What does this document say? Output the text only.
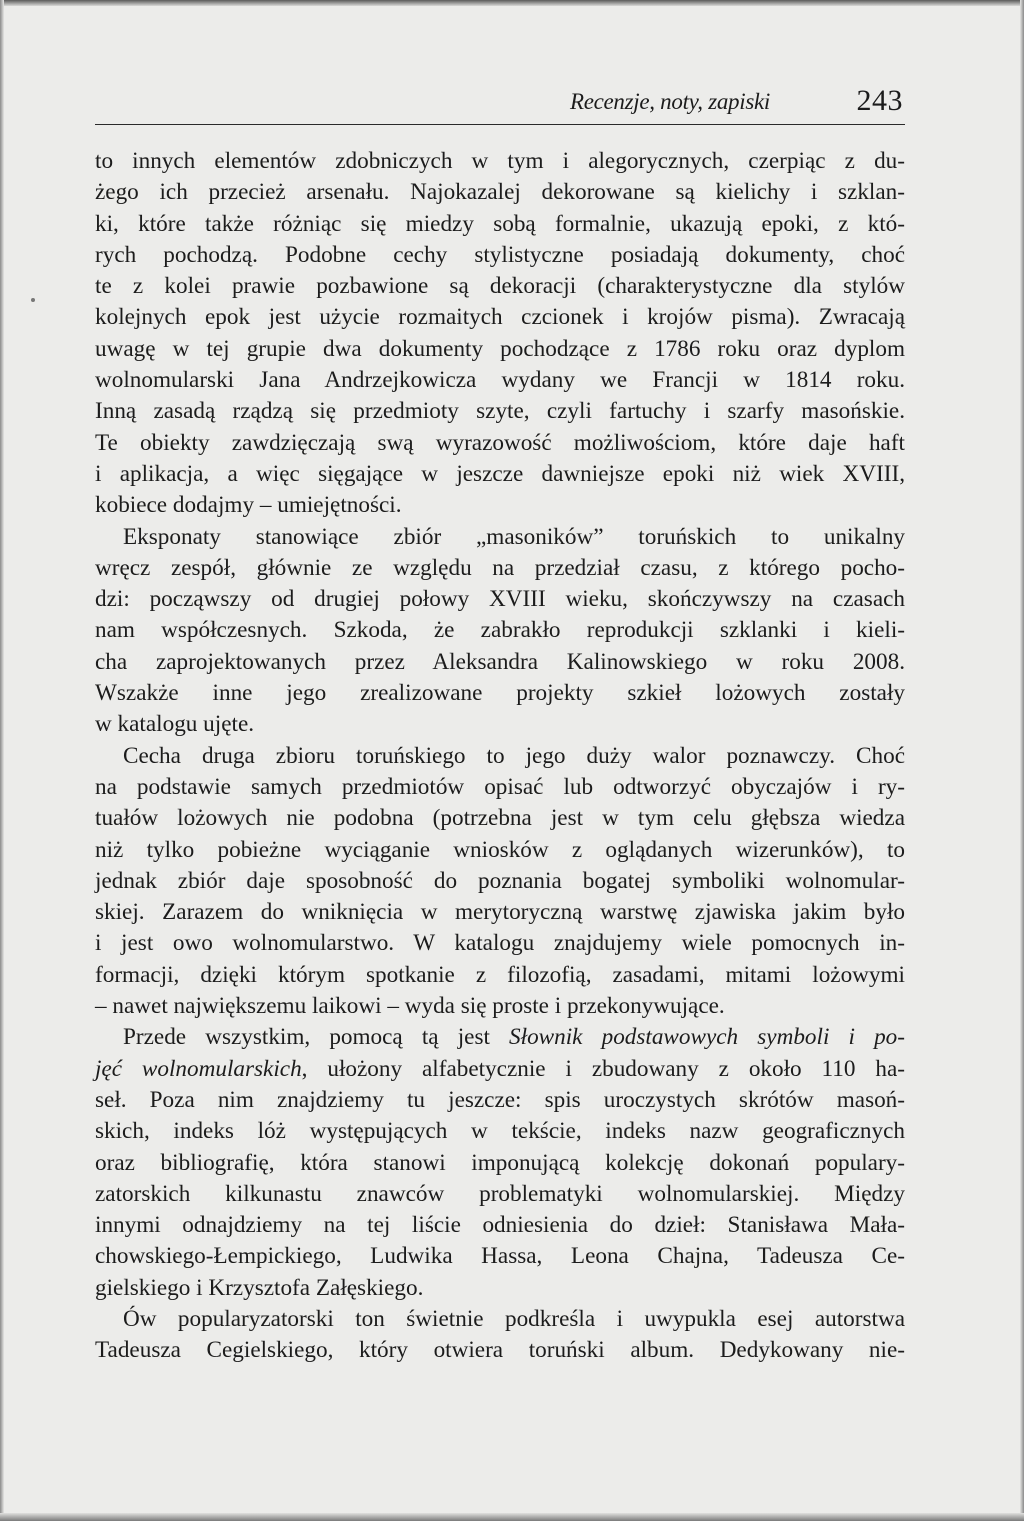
Recenzje, noty, zapiski	243
to innych elementów zdobniczych w tym i alegorycznych, czerpiąc z du-
żego ich przecież arsenału. Najokazalej dekorowane są kielichy i szklan-
ki, które także różniąc się miedzy sobą formalnie, ukazują epoki, z któ-
rych pochodzą. Podobne cechy stylistyczne posiadają dokumenty, choć
te z kolei prawie pozbawione są dekoracji (charakterystyczne dla stylów
kolejnych epok jest użycie rozmaitych czcionek i krojów pisma). Zwracają
uwagę w tej grupie dwa dokumenty pochodzące z 1786 roku oraz dyplom
wolnomularski Jana Andrzejkowicza wydany we Francji w 1814 roku.
Inną zasadą rządzą się przedmioty szyte, czyli fartuchy i szarfy masońskie.
Te obiekty zawdzięczają swą wyrazowość możliwościom, które daje haft
i aplikacja, a więc sięgające w jeszcze dawniejsze epoki niż wiek XVIII,
kobiece dodajmy – umiejętności.
Eksponaty stanowiące zbiór „masoników” toruńskich to unikalny
wręcz zespół, głównie ze względu na przedział czasu, z którego pocho-
dzi: począwszy od drugiej połowy XVIII wieku, skończywszy na czasach
nam współczesnych. Szkoda, że zabrakło reprodukcji szklanki i kieli-
cha zaprojektowanych przez Aleksandra Kalinowskiego w roku 2008.
Wszakże inne jego zrealizowane projekty szkieł lożowych zostały
w katalogu ujęte.
Cecha druga zbioru toruńskiego to jego duży walor poznawczy. Choć
na podstawie samych przedmiotów opisać lub odtworzyć obyczajów i ry-
tuałów lożowych nie podobna (potrzebna jest w tym celu głębsza wiedza
niż tylko pobieżne wyciąganie wniosków z oglądanych wizerunków), to
jednak zbiór daje sposobność do poznania bogatej symboliki wolnomular-
skiej. Zarazem do wniknięcia w merytoryczną warstwę zjawiska jakim było
i jest owo wolnomularstwo. W katalogu znajdujemy wiele pomocnych in-
formacji, dzięki którym spotkanie z filozofią, zasadami, mitami lożowymi
– nawet największemu laikowi – wyda się proste i przekonywujące.
Przede wszystkim, pomocą tą jest Słownik podstawowych symboli i po-
jęć wolnomularskich, ułożony alfabetycznie i zbudowany z około 110 ha-
seł. Poza nim znajdziemy tu jeszcze: spis uroczystych skrótów masoń-
skich, indeks lóż występujących w tekście, indeks nazw geograficznych
oraz bibliografię, która stanowi imponującą kolekcję dokonań populary-
zatorskich kilkunastu znawców problematyki wolnomularskiej. Między
innymi odnajdziemy na tej liście odniesienia do dzieł: Stanisława Mała-
chowskiego-Łempickiego, Ludwika Hassa, Leona Chajna, Tadeusza Ce-
gielskiego i Krzysztofa Załęskiego.
Ów popularyzatorski ton świetnie podkreśla i uwypukla esej autorstwa
Tadeusza Cegielskiego, który otwiera toruński album. Dedykowany nie-
